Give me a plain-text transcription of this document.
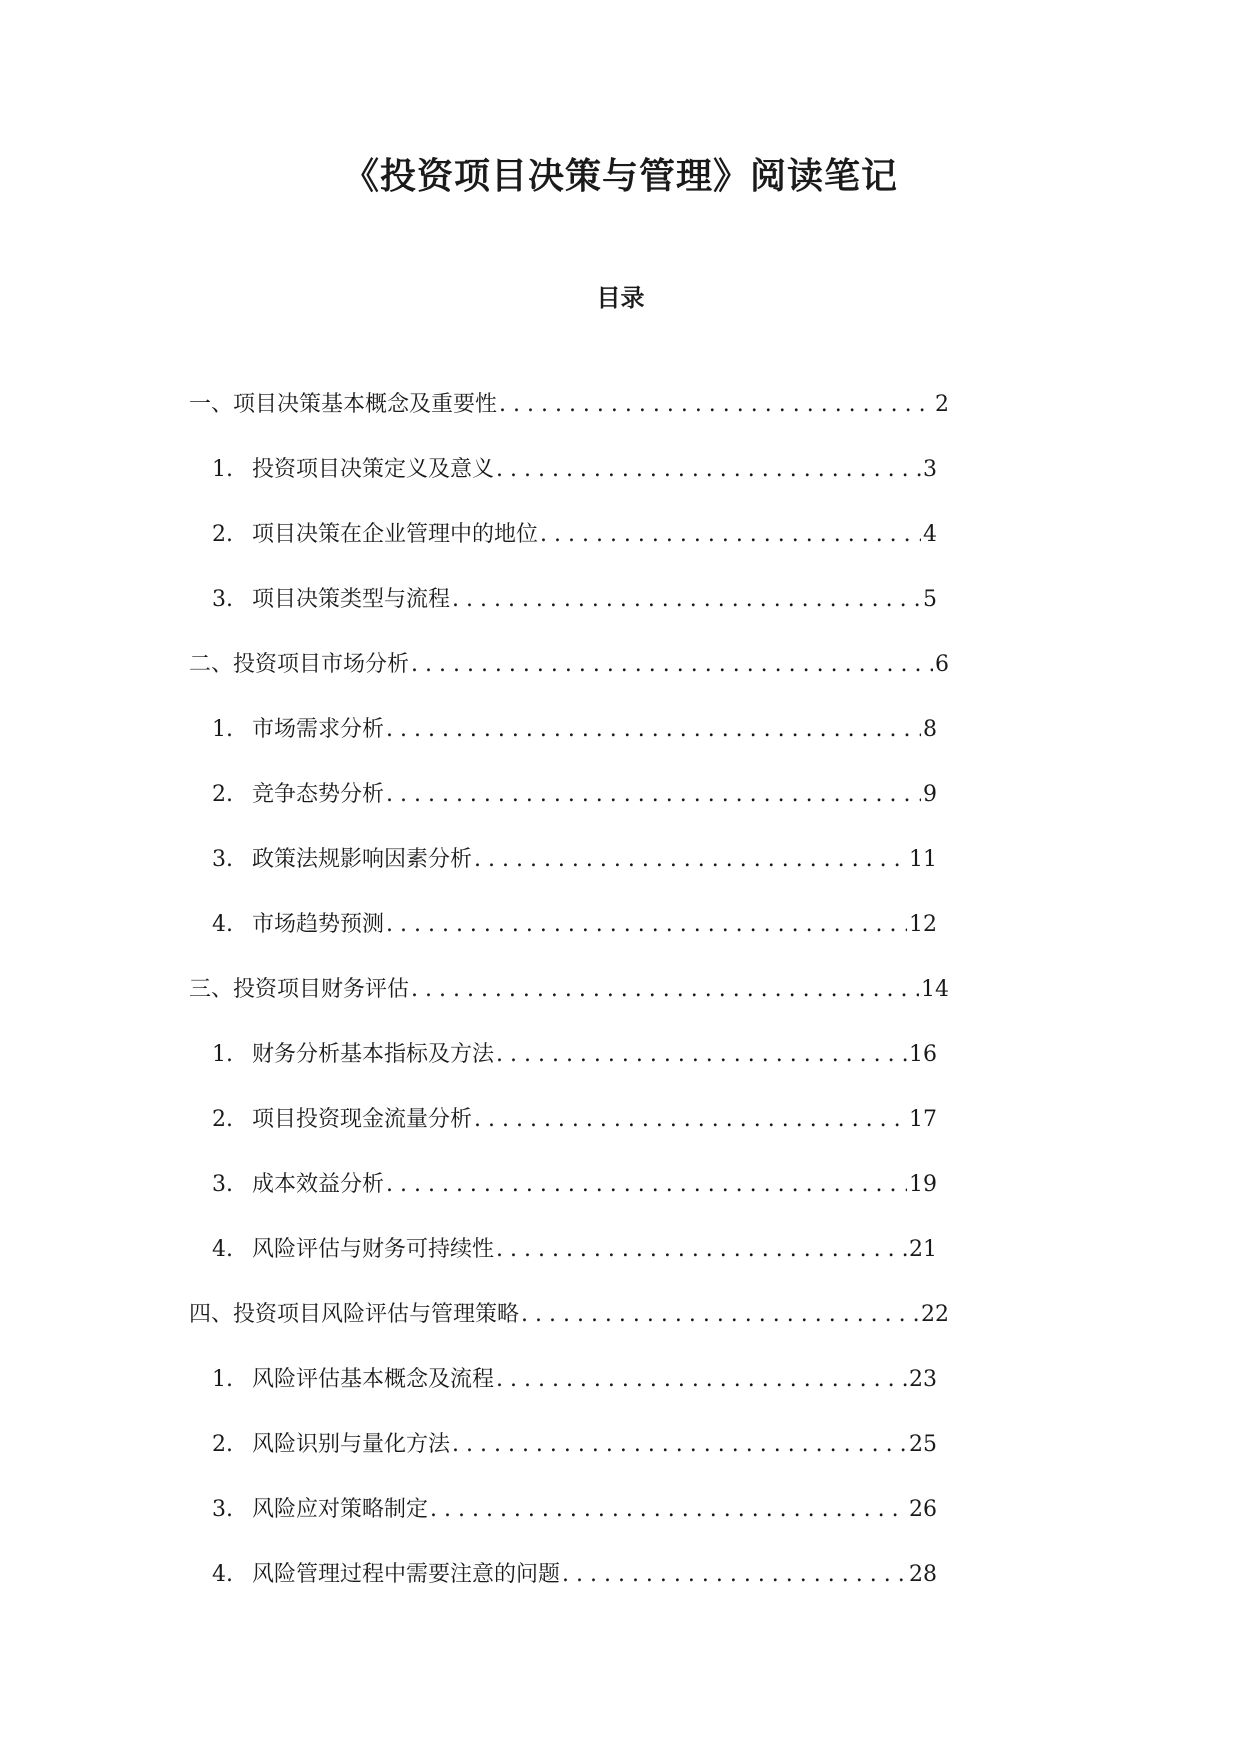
《投资项目决策与管理》阅读笔记
目录
一、项目决策基本概念及重要性 . . .	2
1. 投资项目决策定义及意义 . . .	3
2. 项目决策在企业管理中的地位 . . .	4
3. 项目决策类型与流程 . . .	5
二、投资项目市场分析 . . .	6
1. 市场需求分析 . . .	8
2. 竞争态势分析 . . .	9
3. 政策法规影响因素分析 . . .	11
4. 市场趋势预测 . . .	12
三、投资项目财务评估 . . .	14
1. 财务分析基本指标及方法 . . .	16
2. 项目投资现金流量分析 . . .	17
3. 成本效益分析 . . .	19
4. 风险评估与财务可持续性 . . .	21
四、投资项目风险评估与管理策略 . . .	22
1. 风险评估基本概念及流程 . . .	23
2. 风险识别与量化方法 . . .	25
3. 风险应对策略制定 . . .	26
4. 风险管理过程中需要注意的问题 . . .	28
